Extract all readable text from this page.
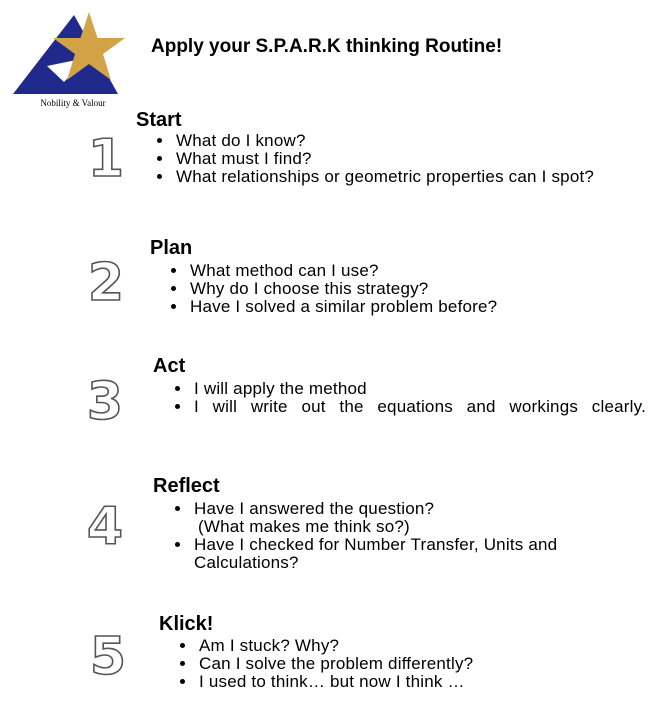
Nobility & Valour
Apply your S.P.A.R.K thinking Routine!
1
Start
• What do I know?
• What must I find?
• What relationships or geometric properties can I spot?
2
Plan
• What method can I use?
• Why do I choose this strategy?
• Have I solved a similar problem before?
3
Act
• I will apply the method
• I will write out the equations and workings clearly.
4
Reflect
• Have I answered the question?
(What makes me think so?)
• Have I checked for Number Transfer, Units and Calculations?
5
Klick!
• Am I stuck? Why?
• Can I solve the problem differently?
• I used to think… but now I think …
